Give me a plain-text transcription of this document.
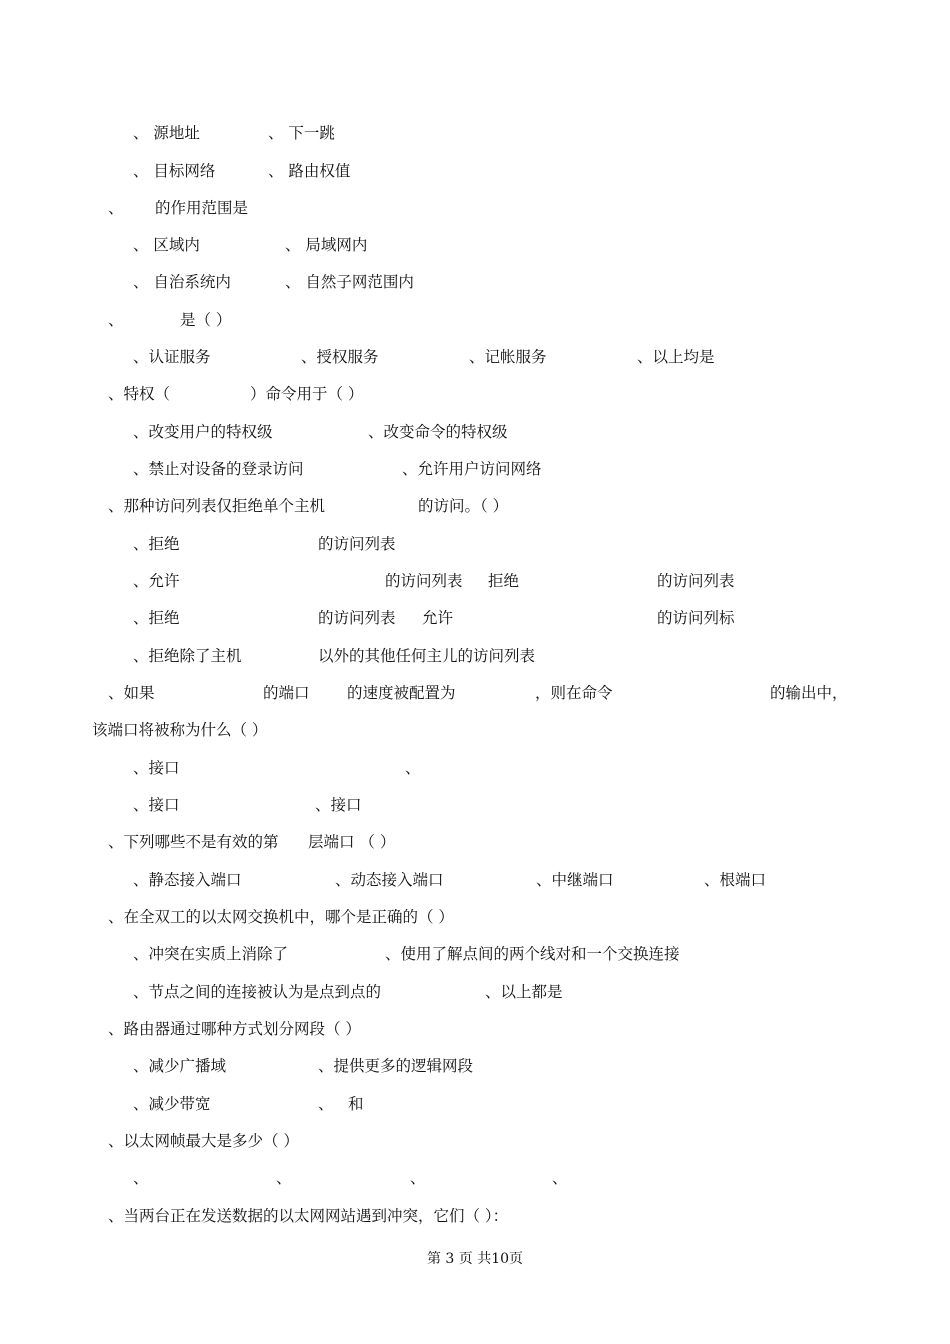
、 源地址	、 下一跳
、 目标网络	、 路由权值
、 的作用范围是
、 区域内	、 局域网内
、 自治系统内	、 自然子网范围内
、	是（ ）
、认证服务	、授权服务	、记帐服务	、以上均是
、特权（	）命令用于（ ）
、改变用户的特权级	、改变命令的特权级
、禁止对设备的登录访问	、允许用户访问网络
、那种访问列表仅拒绝单个主机	的访问。（ ）
、拒绝	的访问列表
、允许	的访问列表 拒绝	的访问列表
、拒绝	的访问列表 允许	的访问列标
、拒绝除了主机	以外的其他任何主儿的访问列表
、如果	的端口 的速度被配置为	，则在命令	的输出中，
该端口将被称为什么（ ）
、接口	、
、接口	、接口
、下列哪些不是有效的第 层端口 （ ）
、静态接入端口	、动态接入端口	、中继端口	、根端口
、在全双工的以太网交换机中，哪个是正确的（ ）
、冲突在实质上消除了	、使用了解点间的两个线对和一个交换连接
、节点之间的连接被认为是点到点的	、以上都是
、路由器通过哪种方式划分网段（ ）
、减少广播域	、提供更多的逻辑网段
、减少带宽	、 和
、以太网帧最大是多少（ ）
、	、	、	、
、当两台正在发送数据的以太网网站遇到冲突，它们（ ）：
第 3 页 共10页
